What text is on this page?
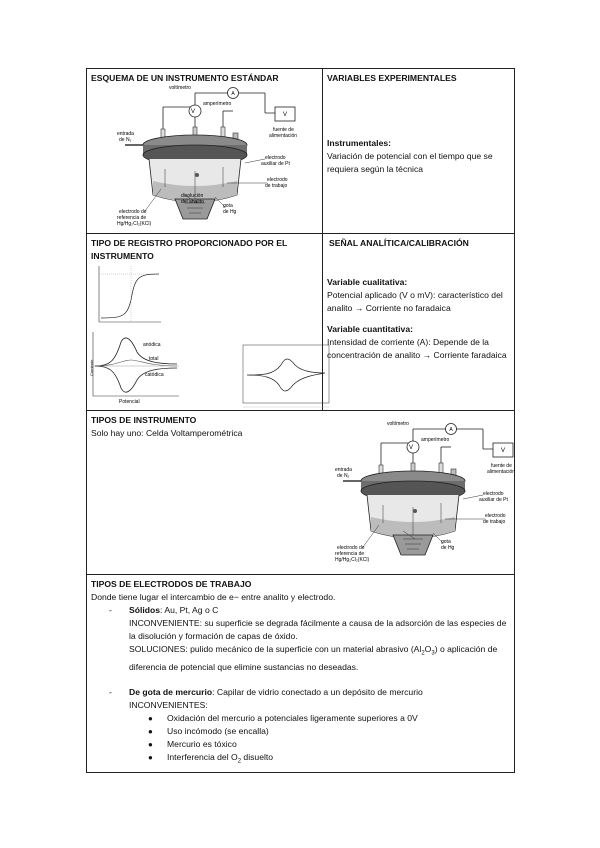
ESQUEMA DE UN INSTRUMENTO ESTÁNDAR
voltímetro
V
A
amperímetro
V
fuente de
alimentación
entrada
de N₂
electrodo
auxiliar de Pt
electrodo
de trabajo
electrodo de
referencia de
Hg/Hg₂Cl₂(KCl)
disolución
del analito
gota
de Hg
VARIABLES EXPERIMENTALES
Instrumentales:
Variación de potencial con el tiempo que se requiera según la técnica
TIPO DE REGISTRO PROPORCIONADO POR EL INSTRUMENTO
anódica
total
catódica
Potencial
Corriente
SEÑAL ANALÍTICA/CALIBRACIÓN
Variable cualitativa:
Potencial aplicado (V o mV): característico del analito → Corriente no faradaica
Variable cuantitativa:
Intensidad de corriente (A): Depende de la concentración de analito → Corriente faradaica
TIPOS DE INSTRUMENTO
Solo hay uno: Celda Voltamperométrica
voltímetro
V
A
amperímetro
V
fuente de
alimentación
entrada
de N₂
electrodo
auxiliar de Pt
electrodo
de trabajo
electrodo de
referencia de
Hg/Hg₂Cl₂(KCl)
gota
de Hg
TIPOS DE ELECTRODOS DE TRABAJO
Donde tiene lugar el intercambio de e− entre analito y electrodo.
-	Sólidos: Au, Pt, Ag o C
INCONVENIENTE: su superficie se degrada fácilmente a causa de la adsorción de las especies de la disolución y formación de capas de óxido.
SOLUCIONES: pulido mecánico de la superficie con un material abrasivo $(Al_2O_3)$ o aplicación de diferencia de potencial que elimine sustancias no deseadas.
-	De gota de mercurio: Capilar de vidrio conectado a un depósito de mercurio
INCONVENIENTES:
●	Oxidación del mercurio a potenciales ligeramente superiores a 0V
●	Uso incómodo (se encalla)
●	Mercurio es tóxico
●	Interferencia del $O_2$ disuelto
